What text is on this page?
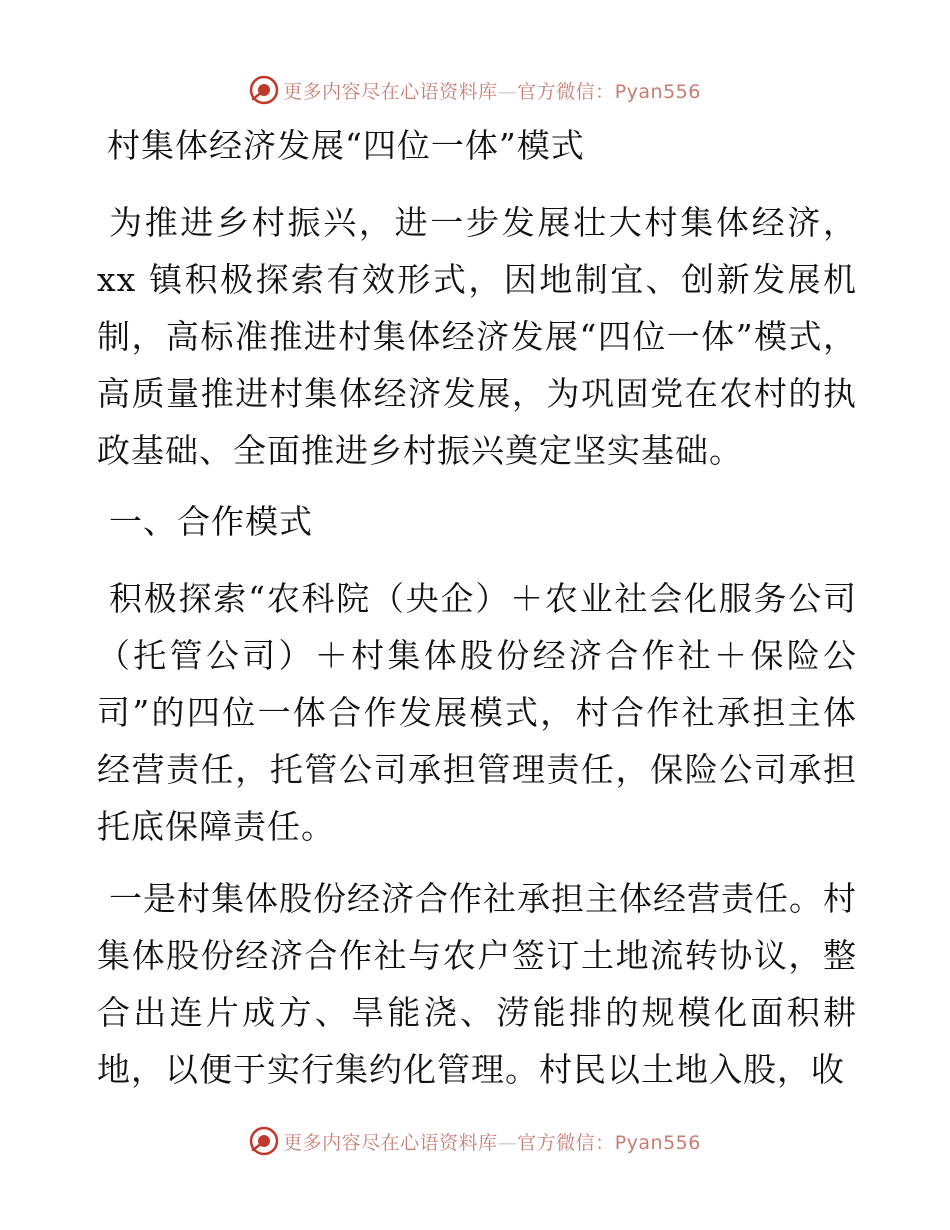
更多内容尽在心语资料库—官方微信：Pyan556
村集体经济发展“四位一体”模式

为推进乡村振兴，进一步发展壮大村集体经济，xx 镇积极探索有效形式，因地制宜、创新发展机制，高标准推进村集体经济发展“四位一体”模式，高质量推进村集体经济发展，为巩固党在农村的执政基础、全面推进乡村振兴奠定坚实基础。

一、合作模式

积极探索“农科院（央企）＋农业社会化服务公司（托管公司）＋村集体股份经济合作社＋保险公司”的四位一体合作发展模式，村合作社承担主体经营责任，托管公司承担管理责任，保险公司承担托底保障责任。

一是村集体股份经济合作社承担主体经营责任。村集体股份经济合作社与农户签订土地流转协议，整合出连片成方、旱能浇、涝能排的规模化面积耕地，以便于实行集约化管理。村民以土地入股，收

更多内容尽在心语资料库—官方微信：Pyan556
